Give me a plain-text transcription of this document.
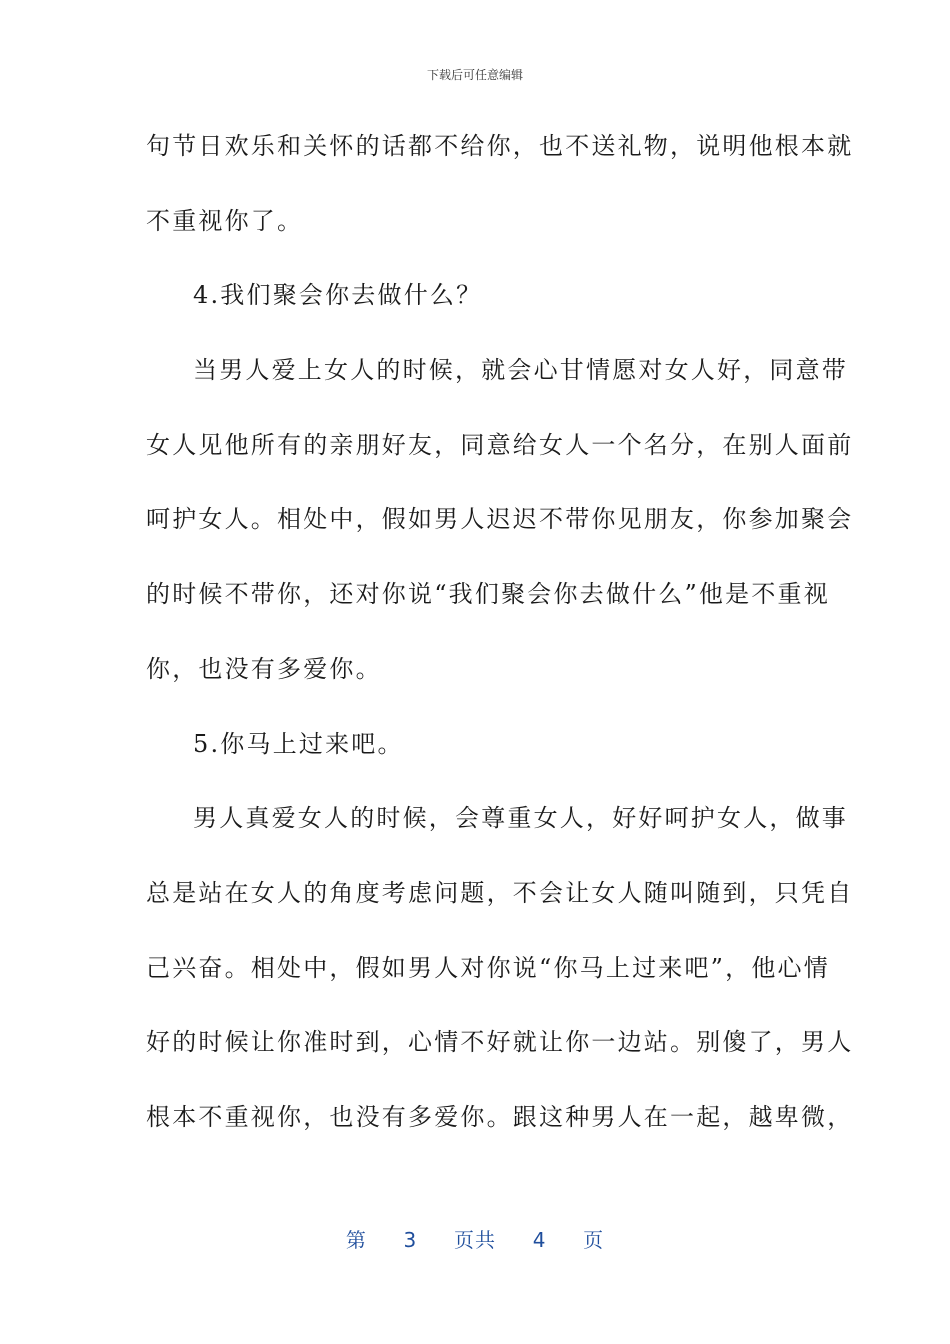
下载后可任意编辑
句节日欢乐和关怀的话都不给你，也不送礼物，说明他根本就
不重视你了。
4.我们聚会你去做什么？
当男人爱上女人的时候，就会心甘情愿对女人好，同意带
女人见他所有的亲朋好友，同意给女人一个名分，在别人面前
呵护女人。相处中，假如男人迟迟不带你见朋友，你参加聚会
的时候不带你，还对你说“我们聚会你去做什么”他是不重视
你，也没有多爱你。
5.你马上过来吧。
男人真爱女人的时候，会尊重女人，好好呵护女人，做事
总是站在女人的角度考虑问题，不会让女人随叫随到，只凭自
己兴奋。相处中，假如男人对你说“你马上过来吧”，他心情
好的时候让你准时到，心情不好就让你一边站。别傻了，男人
根本不重视你，也没有多爱你。跟这种男人在一起，越卑微，
第 3 页共 4 页
